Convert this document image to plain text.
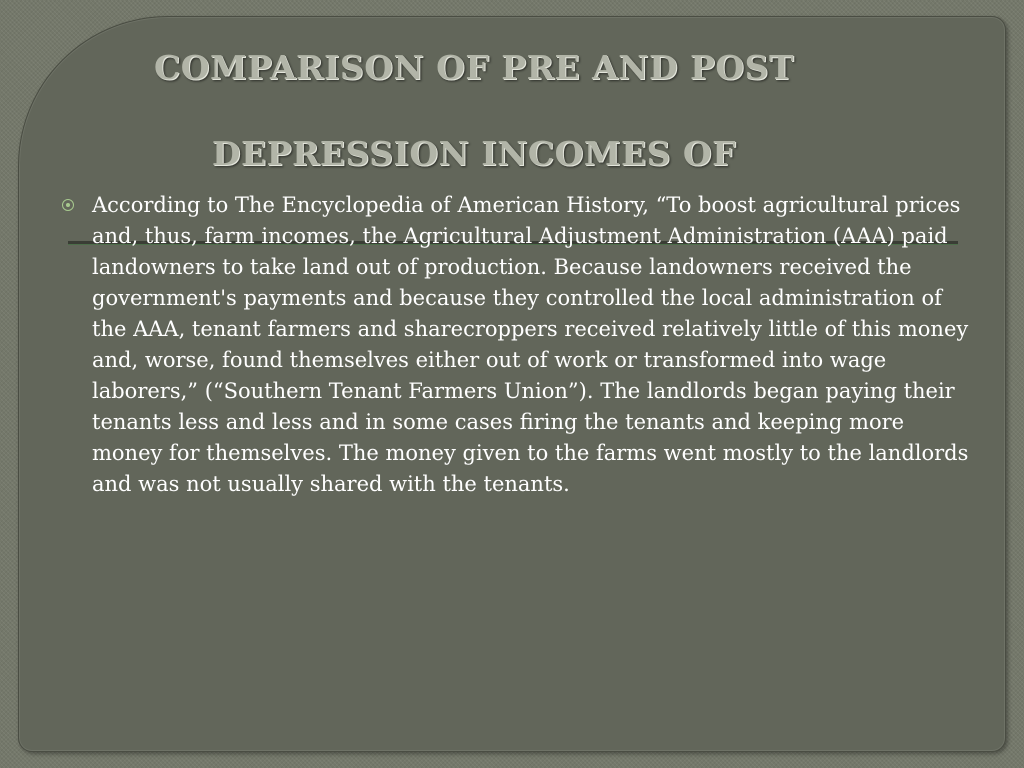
COMPARISON OF PRE AND POST

DEPRESSION INCOMES OF

According to The Encyclopedia of American History, “To boost agricultural prices and, thus, farm incomes, the Agricultural Adjustment Administration (AAA) paid landowners to take land out of production. Because landowners received the government's payments and because they controlled the local administration of the AAA, tenant farmers and sharecroppers received relatively little of this money and, worse, found themselves either out of work or transformed into wage laborers,” (“Southern Tenant Farmers Union”). The landlords began paying their tenants less and less and in some cases firing the tenants and keeping more money for themselves. The money given to the farms went mostly to the landlords and was not usually shared with the tenants.
